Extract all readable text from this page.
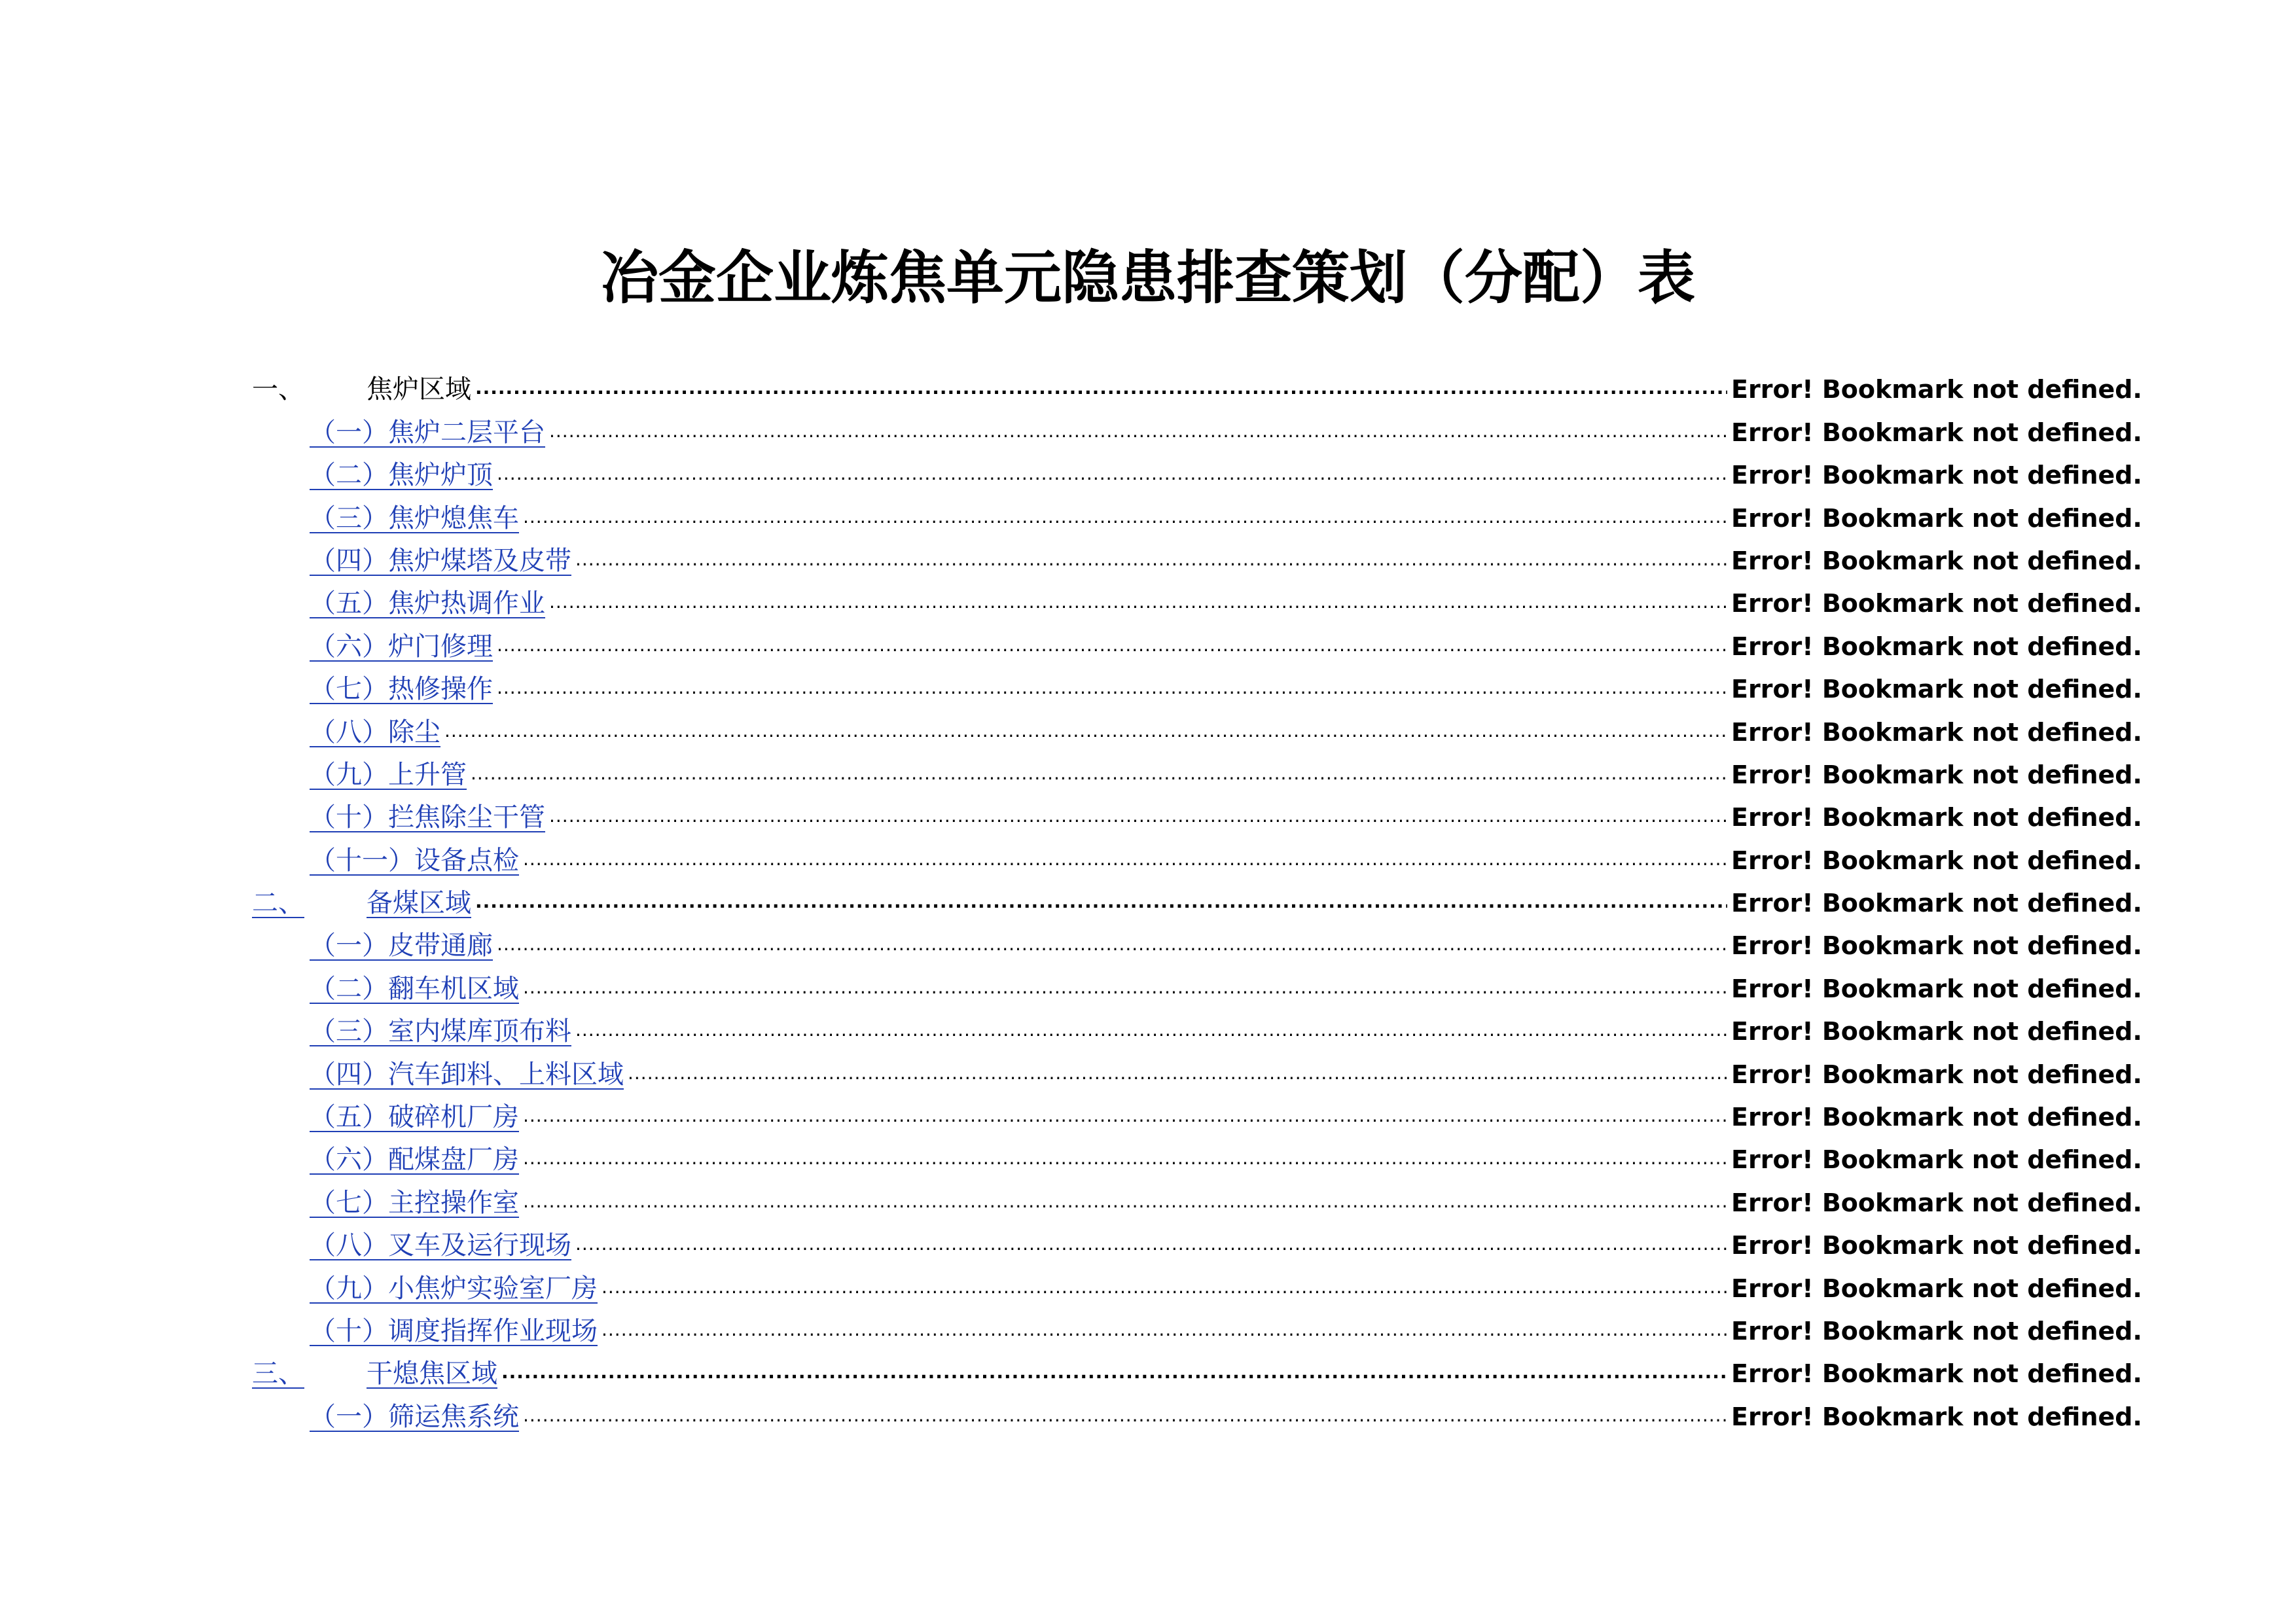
冶金企业炼焦单元隐患排查策划（分配）表
一、	焦炉区域 .....	Error! Bookmark not defined.
（一）焦炉二层平台 .....	Error! Bookmark not defined.
（二）焦炉炉顶 .....	Error! Bookmark not defined.
（三）焦炉熄焦车 .....	Error! Bookmark not defined.
（四）焦炉煤塔及皮带 .....	Error! Bookmark not defined.
（五）焦炉热调作业 .....	Error! Bookmark not defined.
（六）炉门修理 .....	Error! Bookmark not defined.
（七）热修操作 .....	Error! Bookmark not defined.
（八）除尘 .....	Error! Bookmark not defined.
（九）上升管 .....	Error! Bookmark not defined.
（十）拦焦除尘干管 .....	Error! Bookmark not defined.
（十一）设备点检 .....	Error! Bookmark not defined.
二、	备煤区域 .....	Error! Bookmark not defined.
（一）皮带通廊 .....	Error! Bookmark not defined.
（二）翻车机区域 .....	Error! Bookmark not defined.
（三）室内煤库顶布料 .....	Error! Bookmark not defined.
（四）汽车卸料、上料区域 .....	Error! Bookmark not defined.
（五）破碎机厂房 .....	Error! Bookmark not defined.
（六）配煤盘厂房 .....	Error! Bookmark not defined.
（七）主控操作室 .....	Error! Bookmark not defined.
（八）叉车及运行现场 .....	Error! Bookmark not defined.
（九）小焦炉实验室厂房 .....	Error! Bookmark not defined.
（十）调度指挥作业现场 .....	Error! Bookmark not defined.
三、	干熄焦区域 .....	Error! Bookmark not defined.
（一）筛运焦系统 .....	Error! Bookmark not defined.
